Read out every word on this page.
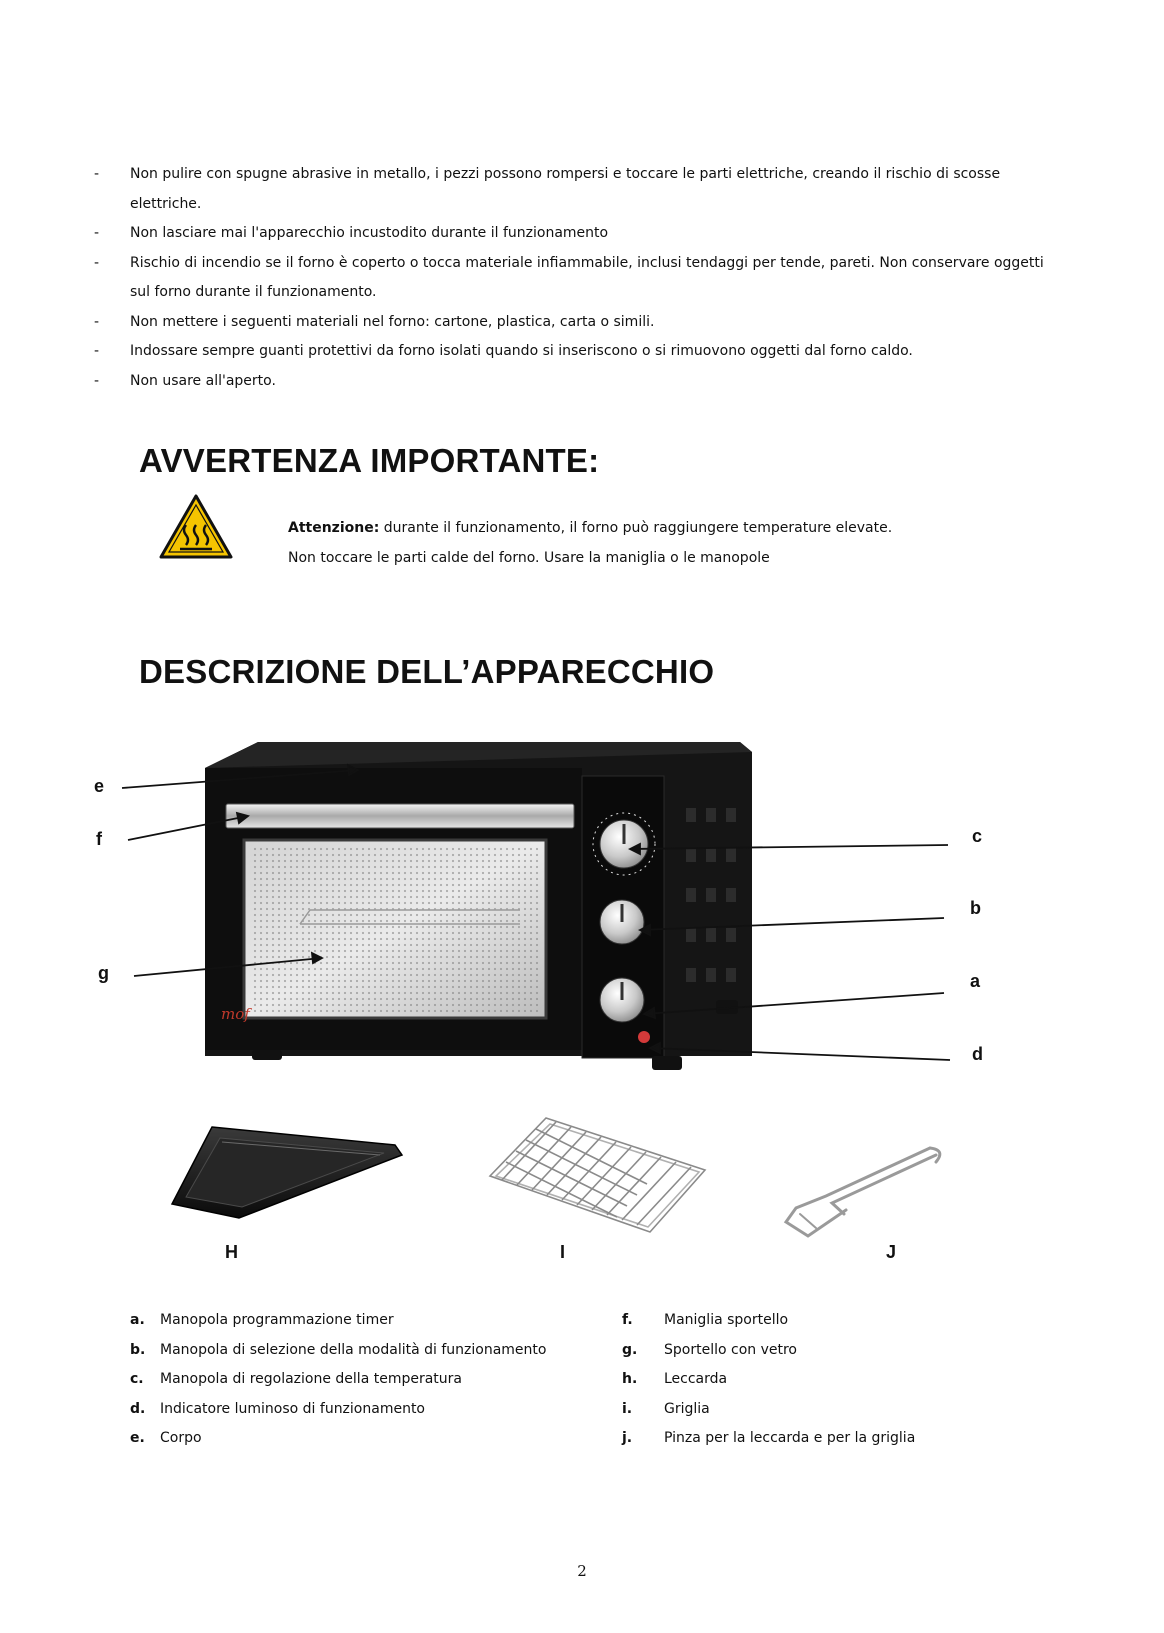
- Non pulire con spugne abrasive in metallo, i pezzi possono rompersi e toccare le parti elettriche, creando il rischio di scosse elettriche.
- Non lasciare mai l'apparecchio incustodito durante il funzionamento
- Rischio di incendio se il forno è coperto o tocca materiale infiammabile, inclusi tendaggi per tende, pareti. Non conservare oggetti sul forno durante il funzionamento.
- Non mettere i seguenti materiali nel forno: cartone, plastica, carta o simili.
- Indossare sempre guanti protettivi da forno isolati quando si inseriscono o si rimuovono oggetti dal forno caldo.
- Non usare all'aperto.
AVVERTENZA IMPORTANTE:
Attenzione: durante il funzionamento, il forno può raggiungere temperature elevate.
Non toccare le parti calde del forno. Usare la maniglia o le manopole
DESCRIZIONE DELL’APPARECCHIO
mof
e
f
g
c
b
a
d
H	I	J
a. Manopola programmazione timer
b. Manopola di selezione della modalità di funzionamento
c. Manopola di regolazione della temperatura
d. Indicatore luminoso di funzionamento
e. Corpo
f. Maniglia sportello
g. Sportello con vetro
h. Leccarda
i. Griglia
j. Pinza per la leccarda e per la griglia
2
